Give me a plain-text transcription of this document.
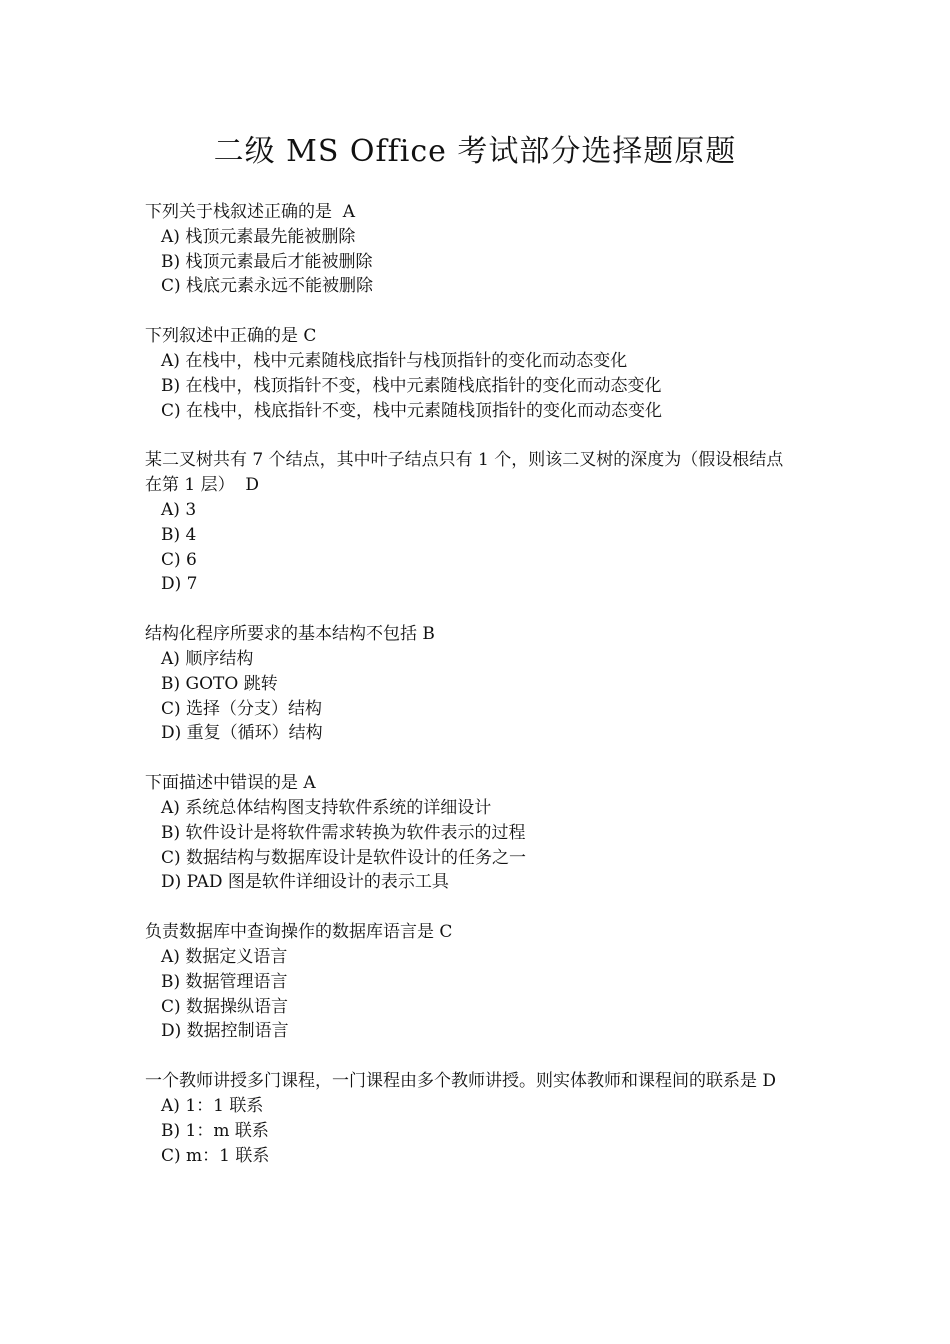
二级 MS Office 考试部分选择题原题

下列关于栈叙述正确的是  A

A) 栈顶元素最先能被删除
B) 栈顶元素最后才能被删除
C) 栈底元素永远不能被删除

下列叙述中正确的是 C

A) 在栈中，栈中元素随栈底指针与栈顶指针的变化而动态变化
B) 在栈中，栈顶指针不变，栈中元素随栈底指针的变化而动态变化
C) 在栈中，栈底指针不变，栈中元素随栈顶指针的变化而动态变化

某二叉树共有 7 个结点，其中叶子结点只有 1 个，则该二叉树的深度为（假设根结点
在第 1 层）  D

A) 3
B) 4
C) 6
D) 7

结构化程序所要求的基本结构不包括 B

A) 顺序结构
B) GOTO 跳转
C) 选择（分支）结构
D) 重复（循环）结构

下面描述中错误的是 A

A) 系统总体结构图支持软件系统的详细设计
B) 软件设计是将软件需求转换为软件表示的过程
C) 数据结构与数据库设计是软件设计的任务之一
D) PAD 图是软件详细设计的表示工具

负责数据库中查询操作的数据库语言是 C

A) 数据定义语言
B) 数据管理语言
C) 数据操纵语言
D) 数据控制语言

一个教师讲授多门课程，一门课程由多个教师讲授。则实体教师和课程间的联系是 D

A) 1：1 联系
B) 1：m 联系
C) m：1 联系
